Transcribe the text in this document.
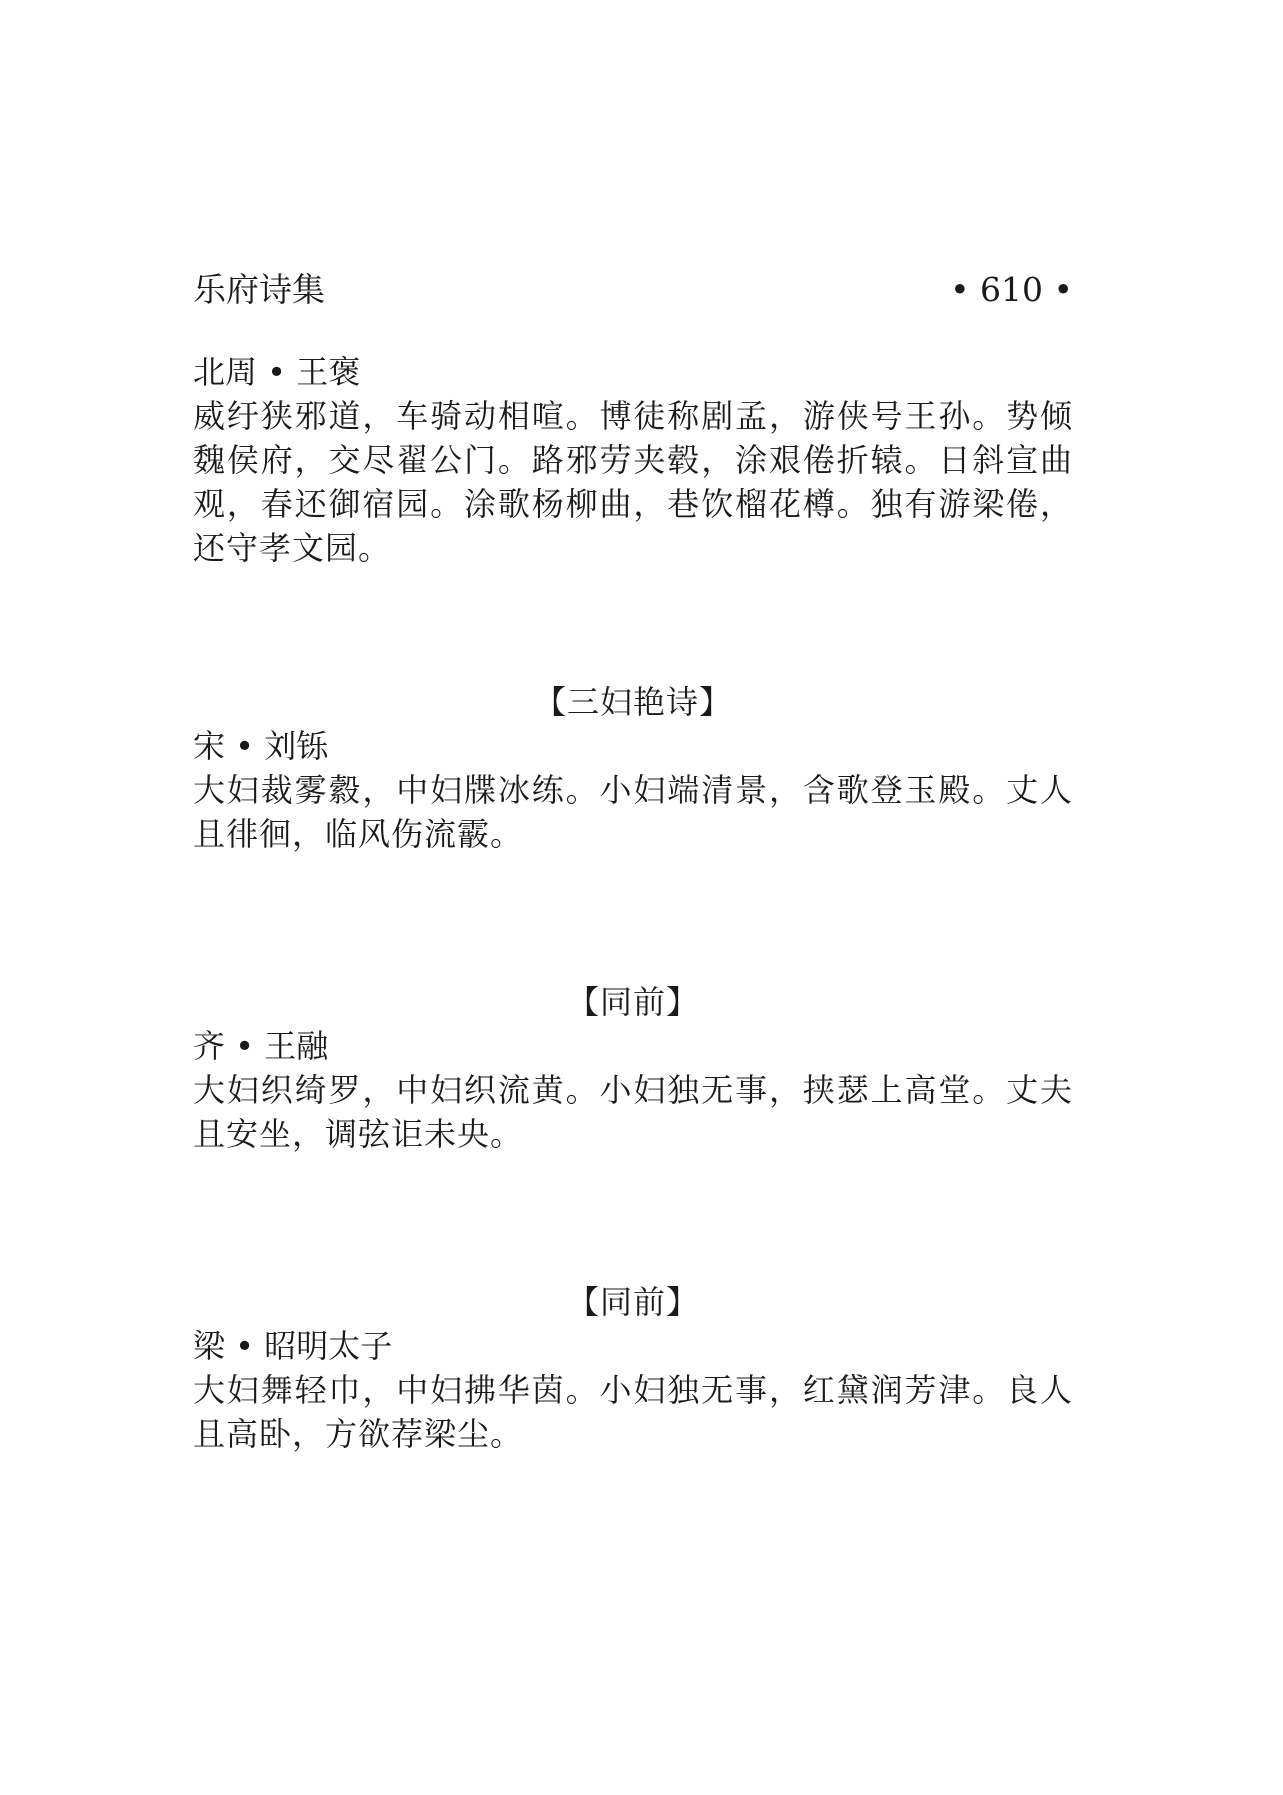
乐府诗集	• 610 •
北周 • 王褒

威纡狭邪道，车骑动相喧。博徒称剧孟，游侠号王孙。势倾魏侯府，交尽翟公门。路邪劳夹毂，涂艰倦折辕。日斜宣曲观，春还御宿园。涂歌杨柳曲，巷饮榴花樽。独有游梁倦，还守孝文园。

【三妇艳诗】
宋 • 刘铄

大妇裁雾縠，中妇牒冰练。小妇端清景，含歌登玉殿。丈人且徘徊，临风伤流霰。

【同前】
齐 • 王融

大妇织绮罗，中妇织流黄。小妇独无事，挟瑟上高堂。丈夫且安坐，调弦讵未央。

【同前】
梁 • 昭明太子

大妇舞轻巾，中妇拂华茵。小妇独无事，红黛润芳津。良人且高卧，方欲荐梁尘。
